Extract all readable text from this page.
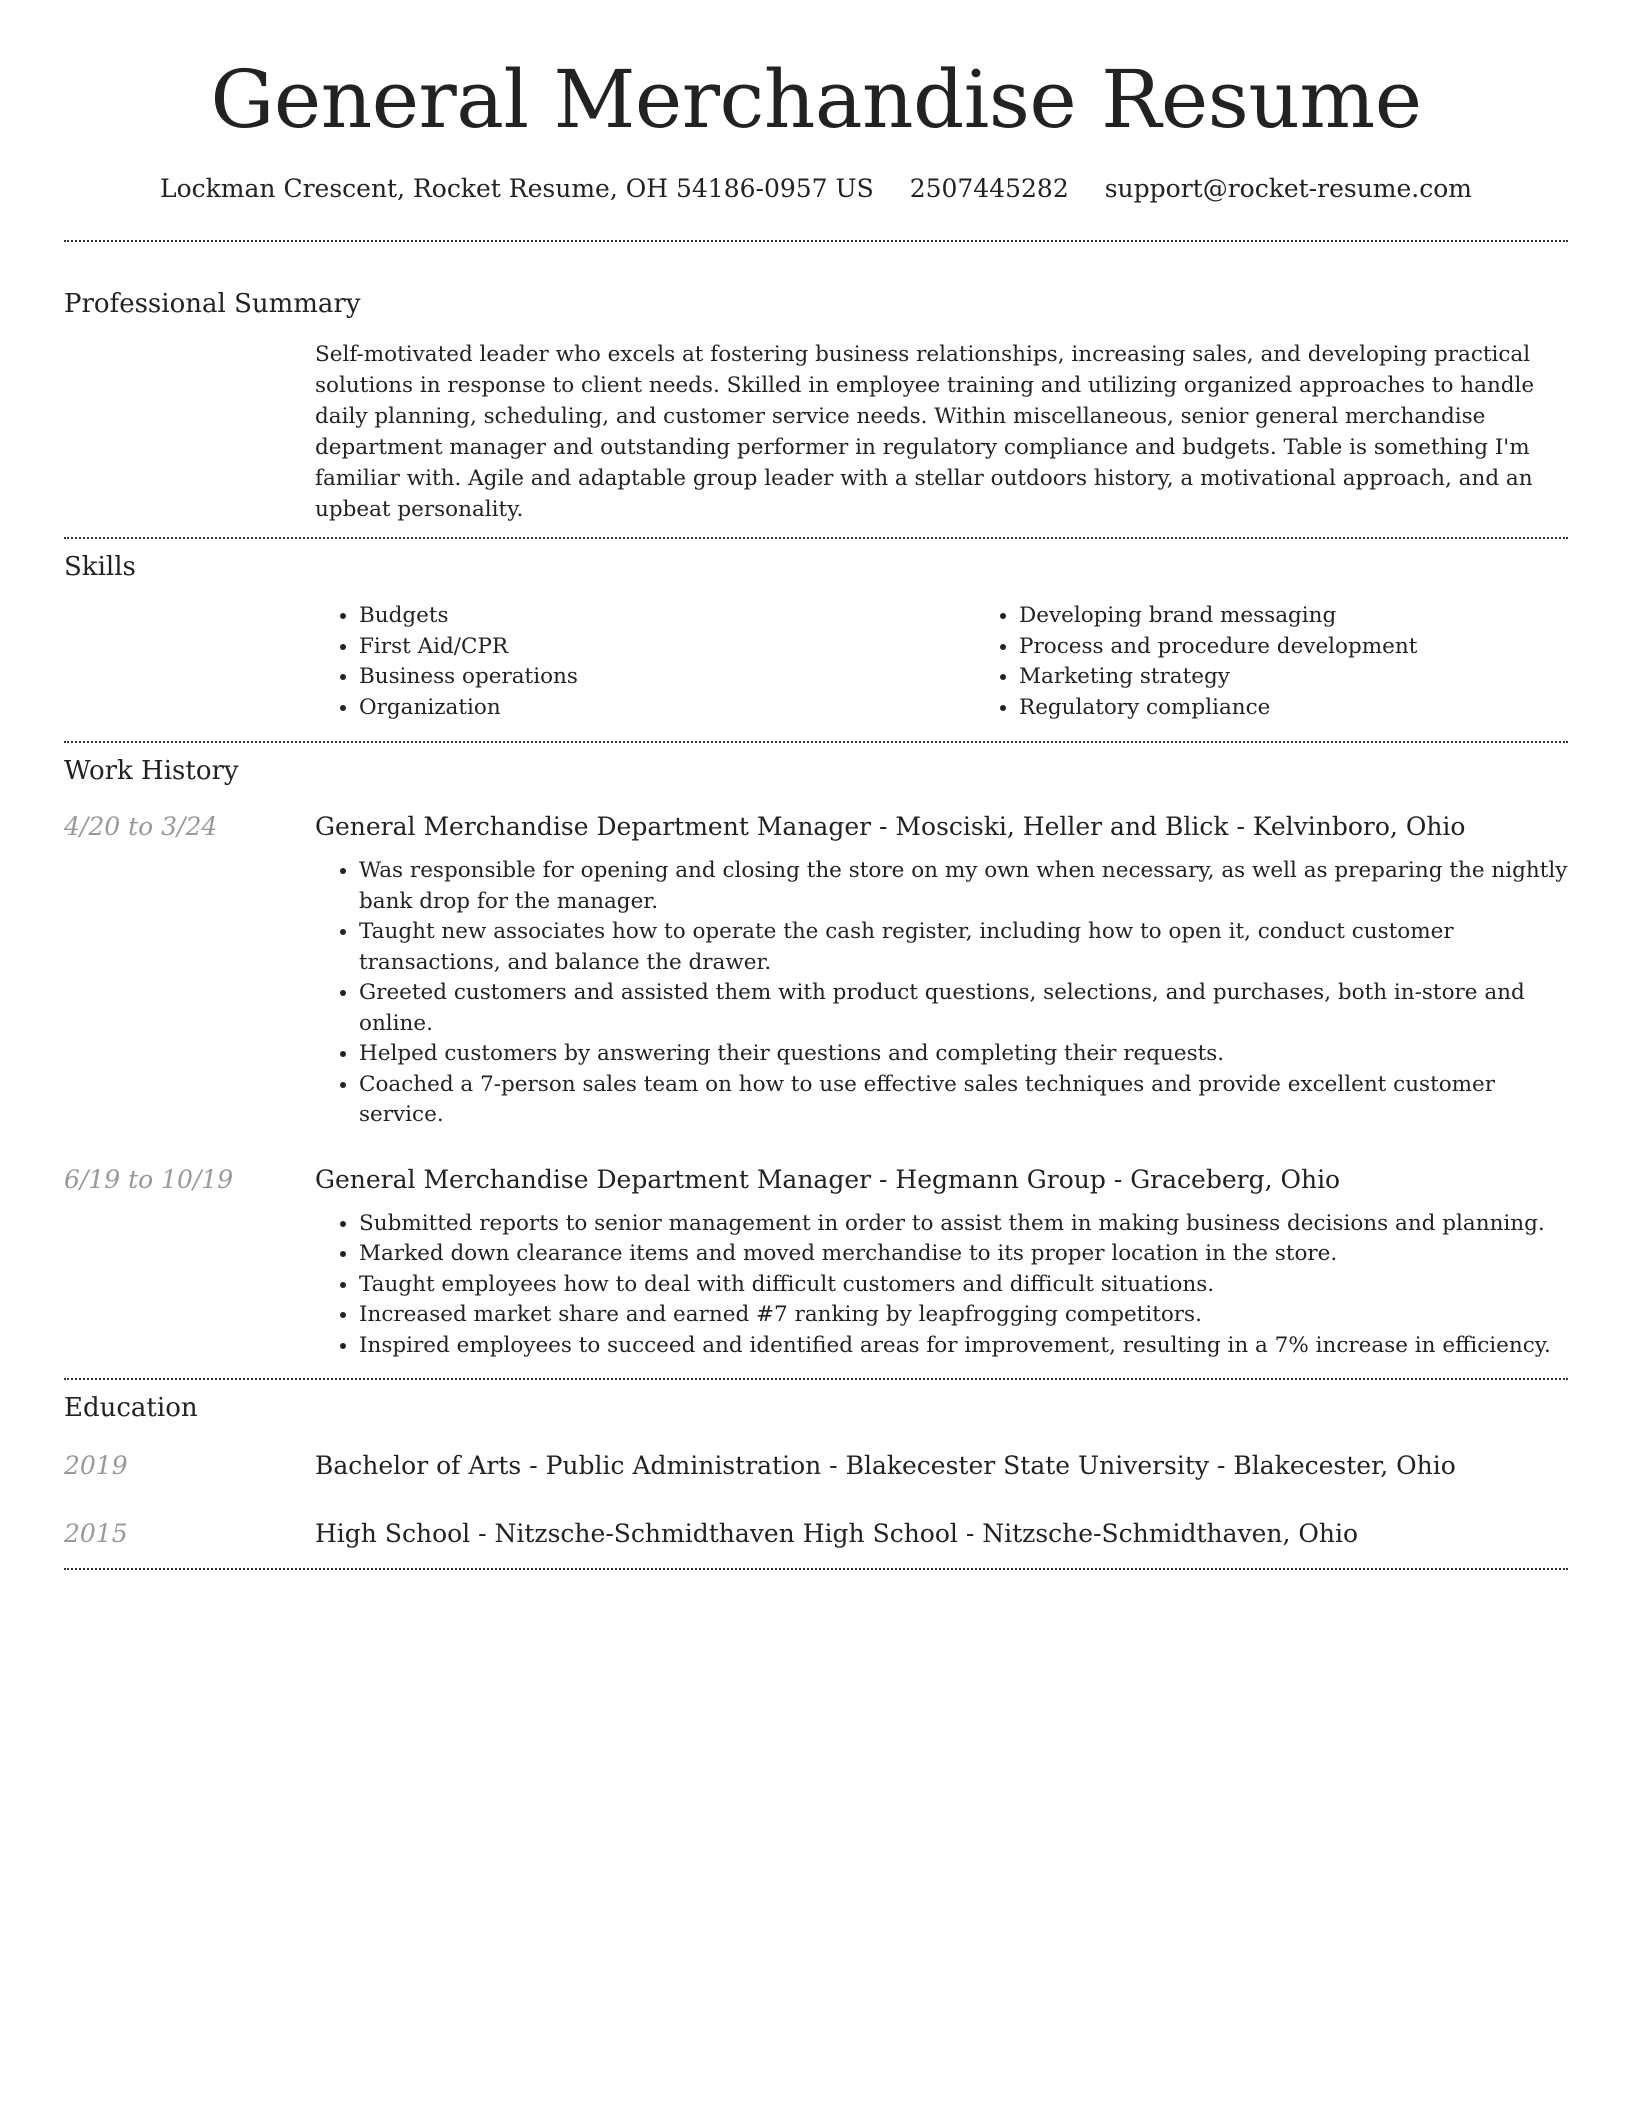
General Merchandise Resume
Lockman Crescent, Rocket Resume, OH 54186-0957 US 2507445282 support@rocket-resume.com
Professional Summary

Self-motivated leader who excels at fostering business relationships, increasing sales, and developing practical solutions in response to client needs. Skilled in employee training and utilizing organized approaches to handle daily planning, scheduling, and customer service needs. Within miscellaneous, senior general merchandise department manager and outstanding performer in regulatory compliance and budgets. Table is something I'm familiar with. Agile and adaptable group leader with a stellar outdoors history, a motivational approach, and an upbeat personality.

Skills
• Budgets
• First Aid/CPR
• Business operations
• Organization
• Developing brand messaging
• Process and procedure development
• Marketing strategy
• Regulatory compliance
Work History
4/20 to 3/24	General Merchandise Department Manager - Mosciski, Heller and Blick - Kelvinboro, Ohio
• Was responsible for opening and closing the store on my own when necessary, as well as preparing the nightly bank drop for the manager.
• Taught new associates how to operate the cash register, including how to open it, conduct customer transactions, and balance the drawer.
• Greeted customers and assisted them with product questions, selections, and purchases, both in-store and online.
• Helped customers by answering their questions and completing their requests.
• Coached a 7-person sales team on how to use effective sales techniques and provide excellent customer service.
6/19 to 10/19	General Merchandise Department Manager - Hegmann Group - Graceberg, Ohio
• Submitted reports to senior management in order to assist them in making business decisions and planning.
• Marked down clearance items and moved merchandise to its proper location in the store.
• Taught employees how to deal with difficult customers and difficult situations.
• Increased market share and earned #7 ranking by leapfrogging competitors.
• Inspired employees to succeed and identified areas for improvement, resulting in a 7% increase in efficiency.
Education
2019	Bachelor of Arts - Public Administration - Blakecester State University - Blakecester, Ohio
2015	High School - Nitzsche-Schmidthaven High School - Nitzsche-Schmidthaven, Ohio
